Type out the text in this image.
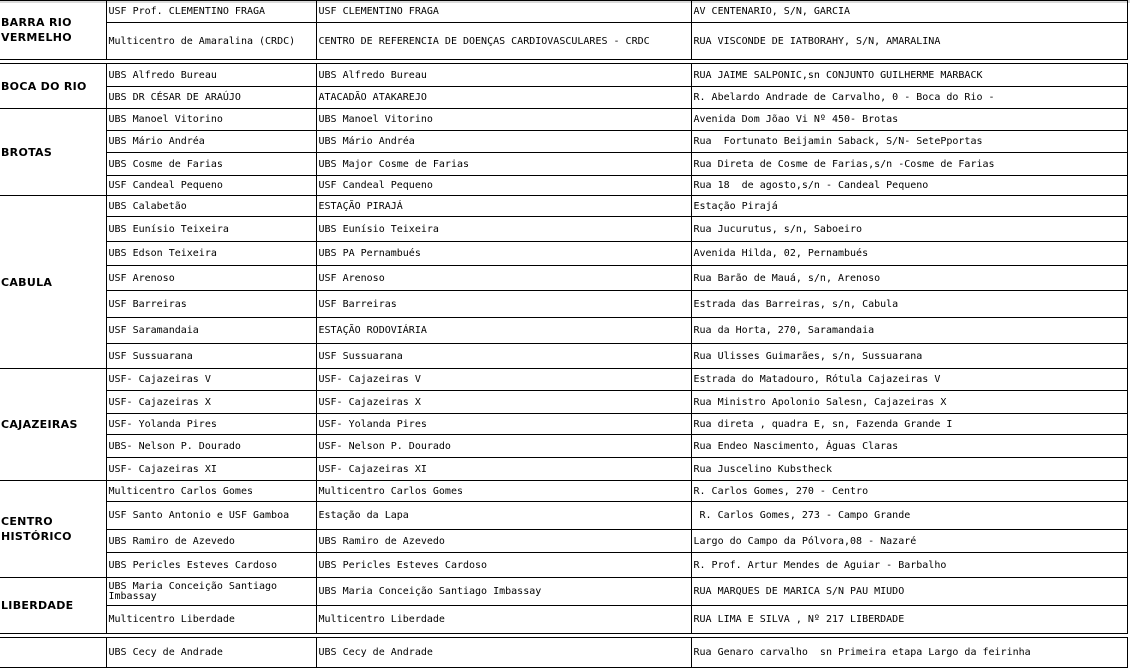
BARRA RIO VERMELHO	USF Prof. CLEMENTINO FRAGA	USF CLEMENTINO FRAGA	AV CENTENARIO, S/N, GARCIA
	Multicentro de Amaralina (CRDC)	CENTRO DE REFERENCIA DE DOENÇAS CARDIOVASCULARES - CRDC	RUA VISCONDE DE IATBORAHY, S/N, AMARALINA

BOCA DO RIO	UBS Alfredo Bureau	UBS Alfredo Bureau	RUA JAIME SALPONIC,sn CONJUNTO GUILHERME MARBACK
	UBS DR CÉSAR DE ARAÚJO	ATACADÃO ATAKAREJO	R. Abelardo Andrade de Carvalho, 0 - Boca do Rio -
BROTAS	UBS Manoel Vitorino	UBS Manoel Vitorino	Avenida Dom Jõao Vi Nº 450- Brotas
	UBS Mário Andréa	UBS Mário Andréa	Rua  Fortunato Beijamin Saback, S/N- SetePportas
	UBS Cosme de Farias	UBS Major Cosme de Farias	Rua Direta de Cosme de Farias,s/n -Cosme de Farias
	USF Candeal Pequeno	USF Candeal Pequeno	Rua 18  de agosto,s/n - Candeal Pequeno
CABULA	UBS Calabetão	ESTAÇÃO PIRAJÁ	Estação Pirajá
	UBS Eunísio Teixeira	UBS Eunísio Teixeira	Rua Jucurutus, s/n, Saboeiro
	UBS Edson Teixeira	UBS PA Pernambués	Avenida Hilda, 02, Pernambués
	USF Arenoso	USF Arenoso	Rua Barão de Mauá, s/n, Arenoso
	USF Barreiras	USF Barreiras	Estrada das Barreiras, s/n, Cabula
	USF Saramandaia	ESTAÇÃO RODOVIÁRIA	Rua da Horta, 270, Saramandaia
	USF Sussuarana	USF Sussuarana	Rua Ulisses Guimarães, s/n, Sussuarana
CAJAZEIRAS	USF- Cajazeiras V	USF- Cajazeiras V	Estrada do Matadouro, Rótula Cajazeiras V
	USF- Cajazeiras X	USF- Cajazeiras X	Rua Ministro Apolonio Salesn, Cajazeiras X
	USF- Yolanda Pires	USF- Yolanda Pires	Rua direta , quadra E, sn, Fazenda Grande I
	UBS- Nelson P. Dourado	USF- Nelson P. Dourado	Rua Endeo Nascimento, Águas Claras
	USF- Cajazeiras XI	USF- Cajazeiras XI	Rua Juscelino Kubstheck
CENTRO HISTÓRICO	Multicentro Carlos Gomes	Multicentro Carlos Gomes	R. Carlos Gomes, 270 - Centro
	USF Santo Antonio e USF Gamboa	Estação da Lapa	R. Carlos Gomes, 273 - Campo Grande
	UBS Ramiro de Azevedo	UBS Ramiro de Azevedo	Largo do Campo da Pólvora,08 - Nazaré
	UBS Pericles Esteves Cardoso	UBS Pericles Esteves Cardoso	R. Prof. Artur Mendes de Aguiar - Barbalho
LIBERDADE	UBS Maria Conceição Santiago Imbassay	UBS Maria Conceição Santiago Imbassay	RUA MARQUES DE MARICA S/N PAU MIUDO
	Multicentro Liberdade	Multicentro Liberdade	RUA LIMA E SILVA , Nº 217 LIBERDADE

	UBS Cecy de Andrade	UBS Cecy de Andrade	Rua Genaro carvalho  sn Primeira etapa Largo da feirinha
